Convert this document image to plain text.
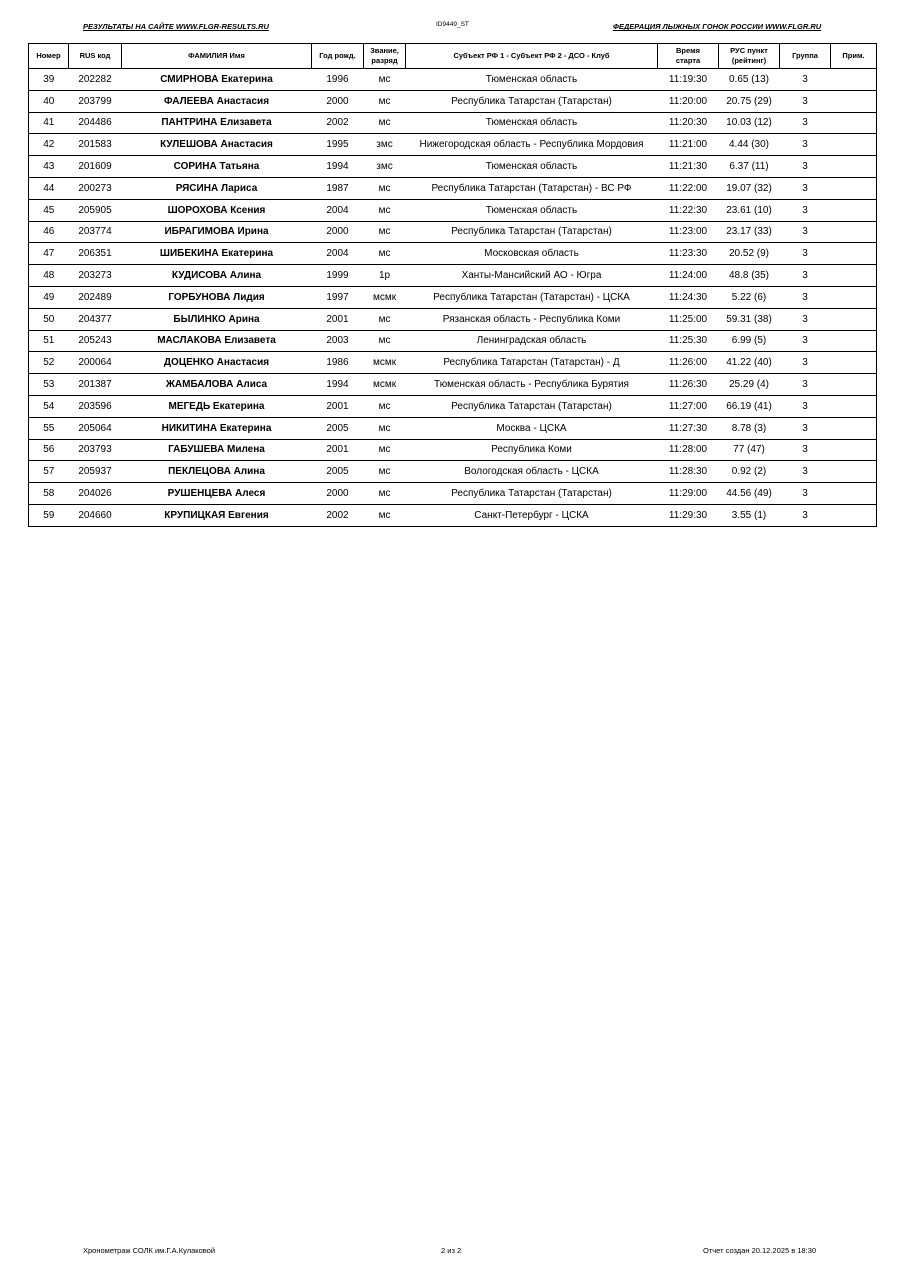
РЕЗУЛЬТАТЫ НА САЙТЕ WWW.FLGR-RESULTS.RU	ID9449_ST	ФЕДЕРАЦИЯ ЛЫЖНЫХ ГОНОК РОССИИ WWW.FLGR.RU
Номер	RUS код	ФАМИЛИЯ Имя	Год рожд.	Звание,
разряд	Субъект РФ 1 - Субъект РФ 2 - ДСО - Клуб	Время
старта	РУС пункт
(рейтинг)	Группа	Прим.
39	202282	СМИРНОВА Екатерина	1996	мс	Тюменская область	11:19:30	0.65 (13)	3	
40	203799	ФАЛЕЕВА Анастасия	2000	мс	Республика Татарстан (Татарстан)	11:20:00	20.75 (29)	3	
41	204486	ПАНТРИНА Елизавета	2002	мс	Тюменская область	11:20:30	10.03 (12)	3	
42	201583	КУЛЕШОВА Анастасия	1995	змс	Нижегородская область - Республика Мордовия	11:21:00	4.44 (30)	3	
43	201609	СОРИНА Татьяна	1994	змс	Тюменская область	11:21:30	6.37 (11)	3	
44	200273	РЯСИНА Лариса	1987	мс	Республика Татарстан (Татарстан) - ВС РФ	11:22:00	19.07 (32)	3	
45	205905	ШОРОХОВА Ксения	2004	мс	Тюменская область	11:22:30	23.61 (10)	3	
46	203774	ИБРАГИМОВА Ирина	2000	мс	Республика Татарстан (Татарстан)	11:23:00	23.17 (33)	3	
47	206351	ШИБЕКИНА Екатерина	2004	мс	Московская область	11:23:30	20.52 (9)	3	
48	203273	КУДИСОВА Алина	1999	1р	Ханты-Мансийский АО - Югра	11:24:00	48.8 (35)	3	
49	202489	ГОРБУНОВА Лидия	1997	мсмк	Республика Татарстан (Татарстан) - ЦСКА	11:24:30	5.22 (6)	3	
50	204377	БЫЛИНКО Арина	2001	мс	Рязанская область - Республика Коми	11:25:00	59.31 (38)	3	
51	205243	МАСЛАКОВА Елизавета	2003	мс	Ленинградская область	11:25:30	6.99 (5)	3	
52	200064	ДОЦЕНКО Анастасия	1986	мсмк	Республика Татарстан (Татарстан) - Д	11:26:00	41.22 (40)	3	
53	201387	ЖАМБАЛОВА Алиса	1994	мсмк	Тюменская область - Республика Бурятия	11:26:30	25.29 (4)	3	
54	203596	МЕГЕДЬ Екатерина	2001	мс	Республика Татарстан (Татарстан)	11:27:00	66.19 (41)	3	
55	205064	НИКИТИНА Екатерина	2005	мс	Москва - ЦСКА	11:27:30	8.78 (3)	3	
56	203793	ГАБУШЕВА Милена	2001	мс	Республика Коми	11:28:00	77 (47)	3	
57	205937	ПЕКЛЕЦОВА Алина	2005	мс	Вологодская область - ЦСКА	11:28:30	0.92 (2)	3	
58	204026	РУШЕНЦЕВА Алеся	2000	мс	Республика Татарстан (Татарстан)	11:29:00	44.56 (49)	3	
59	204660	КРУПИЦКАЯ Евгения	2002	мс	Санкт-Петербург - ЦСКА	11:29:30	3.55 (1)	3	
Хронометраж СОЛК им.Г.А.Кулаковой	2 из 2	Отчет создан 20.12.2025 в 18:30
